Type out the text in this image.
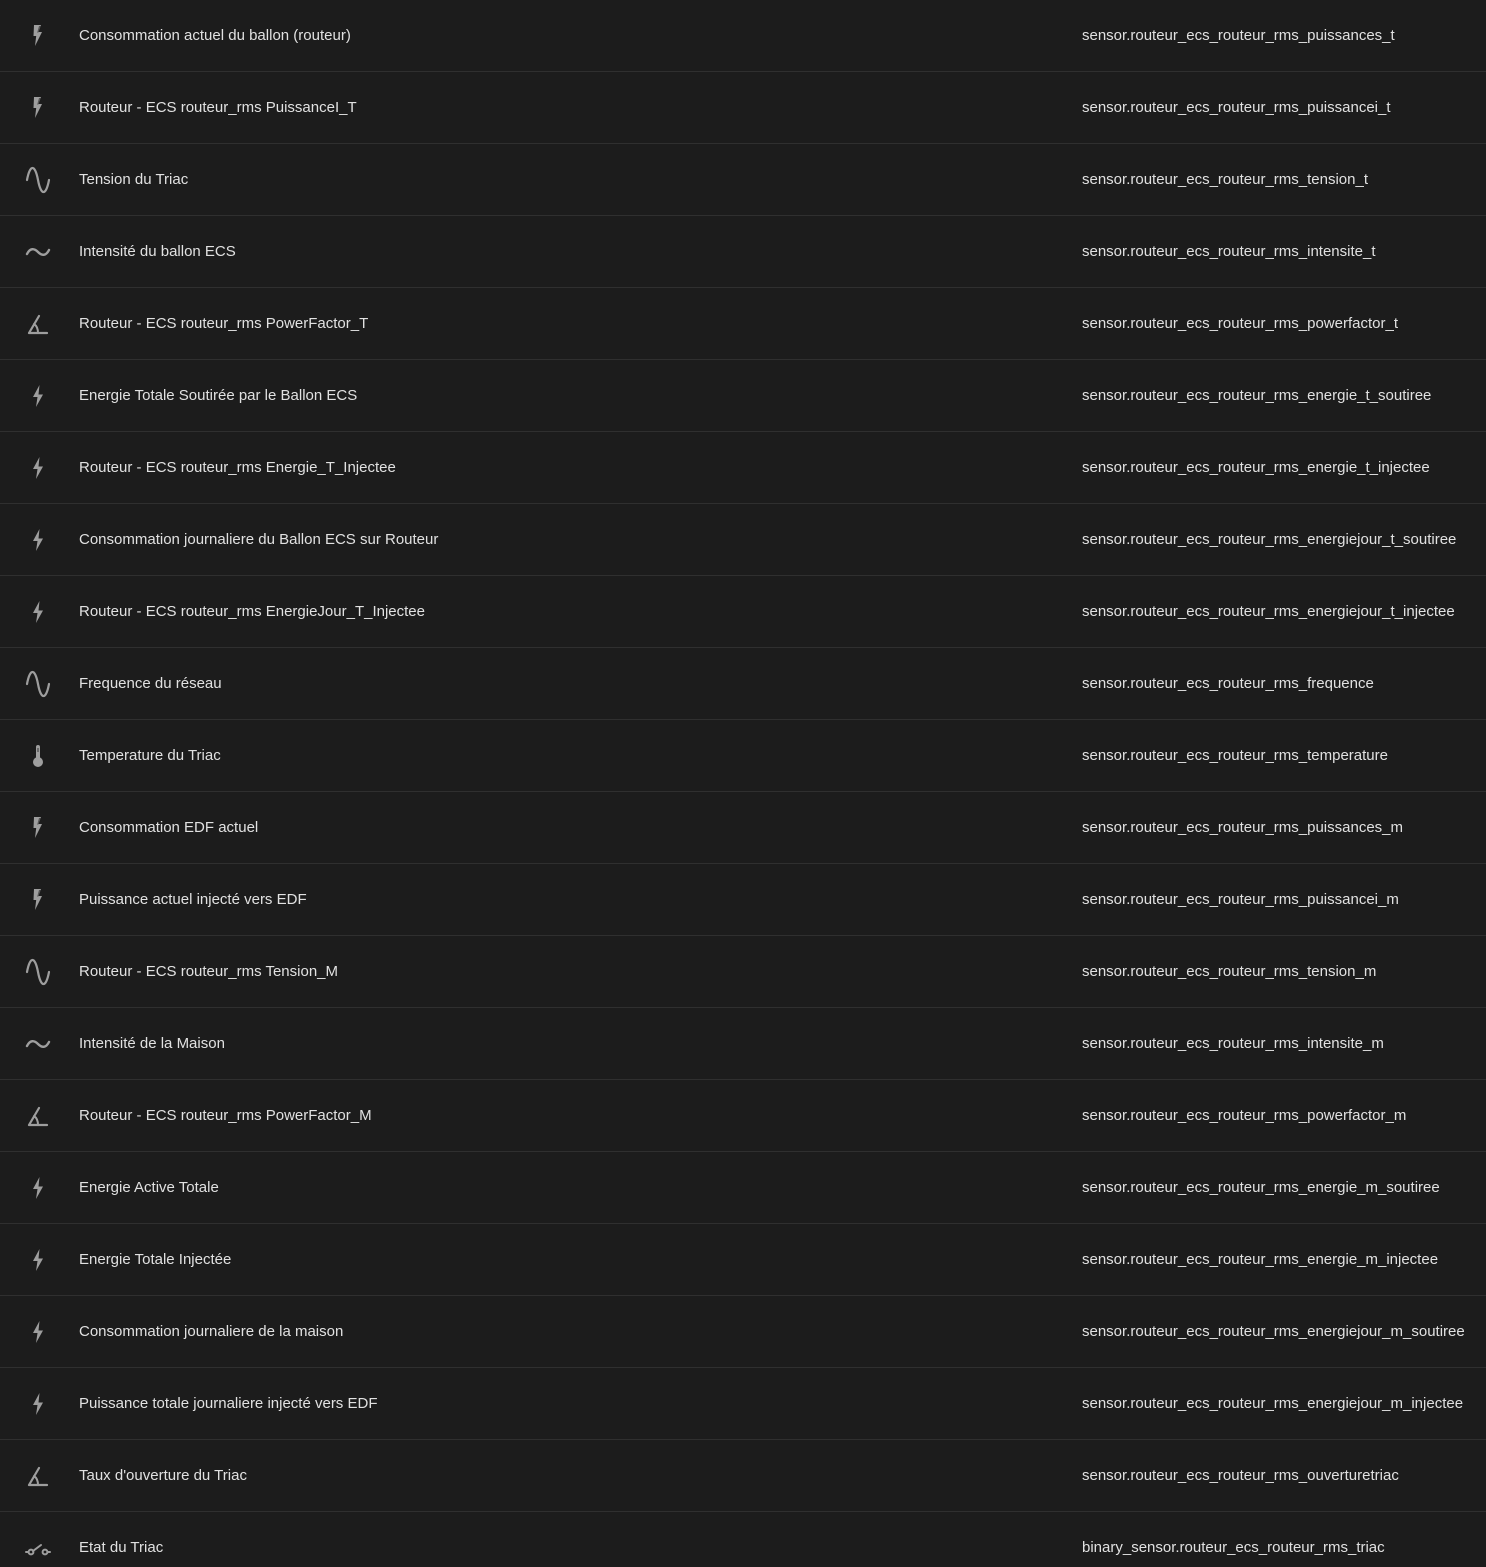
Consommation actuel du ballon (routeur)	sensor.routeur_ecs_routeur_rms_puissances_t
Routeur - ECS routeur_rms PuissanceI_T	sensor.routeur_ecs_routeur_rms_puissancei_t
Tension du Triac	sensor.routeur_ecs_routeur_rms_tension_t
Intensité du ballon ECS	sensor.routeur_ecs_routeur_rms_intensite_t
Routeur - ECS routeur_rms PowerFactor_T	sensor.routeur_ecs_routeur_rms_powerfactor_t
Energie Totale Soutirée par le Ballon ECS	sensor.routeur_ecs_routeur_rms_energie_t_soutiree
Routeur - ECS routeur_rms Energie_T_Injectee	sensor.routeur_ecs_routeur_rms_energie_t_injectee
Consommation journaliere du Ballon ECS sur Routeur	sensor.routeur_ecs_routeur_rms_energiejour_t_soutiree
Routeur - ECS routeur_rms EnergieJour_T_Injectee	sensor.routeur_ecs_routeur_rms_energiejour_t_injectee
Frequence du réseau	sensor.routeur_ecs_routeur_rms_frequence
Temperature du Triac	sensor.routeur_ecs_routeur_rms_temperature
Consommation EDF actuel	sensor.routeur_ecs_routeur_rms_puissances_m
Puissance actuel injecté vers EDF	sensor.routeur_ecs_routeur_rms_puissancei_m
Routeur - ECS routeur_rms Tension_M	sensor.routeur_ecs_routeur_rms_tension_m
Intensité de la Maison	sensor.routeur_ecs_routeur_rms_intensite_m
Routeur - ECS routeur_rms PowerFactor_M	sensor.routeur_ecs_routeur_rms_powerfactor_m
Energie Active Totale	sensor.routeur_ecs_routeur_rms_energie_m_soutiree
Energie Totale Injectée	sensor.routeur_ecs_routeur_rms_energie_m_injectee
Consommation journaliere de la maison	sensor.routeur_ecs_routeur_rms_energiejour_m_soutiree
Puissance totale journaliere injecté vers EDF	sensor.routeur_ecs_routeur_rms_energiejour_m_injectee
Taux d'ouverture du Triac	sensor.routeur_ecs_routeur_rms_ouverturetriac
Etat du Triac	binary_sensor.routeur_ecs_routeur_rms_triac
